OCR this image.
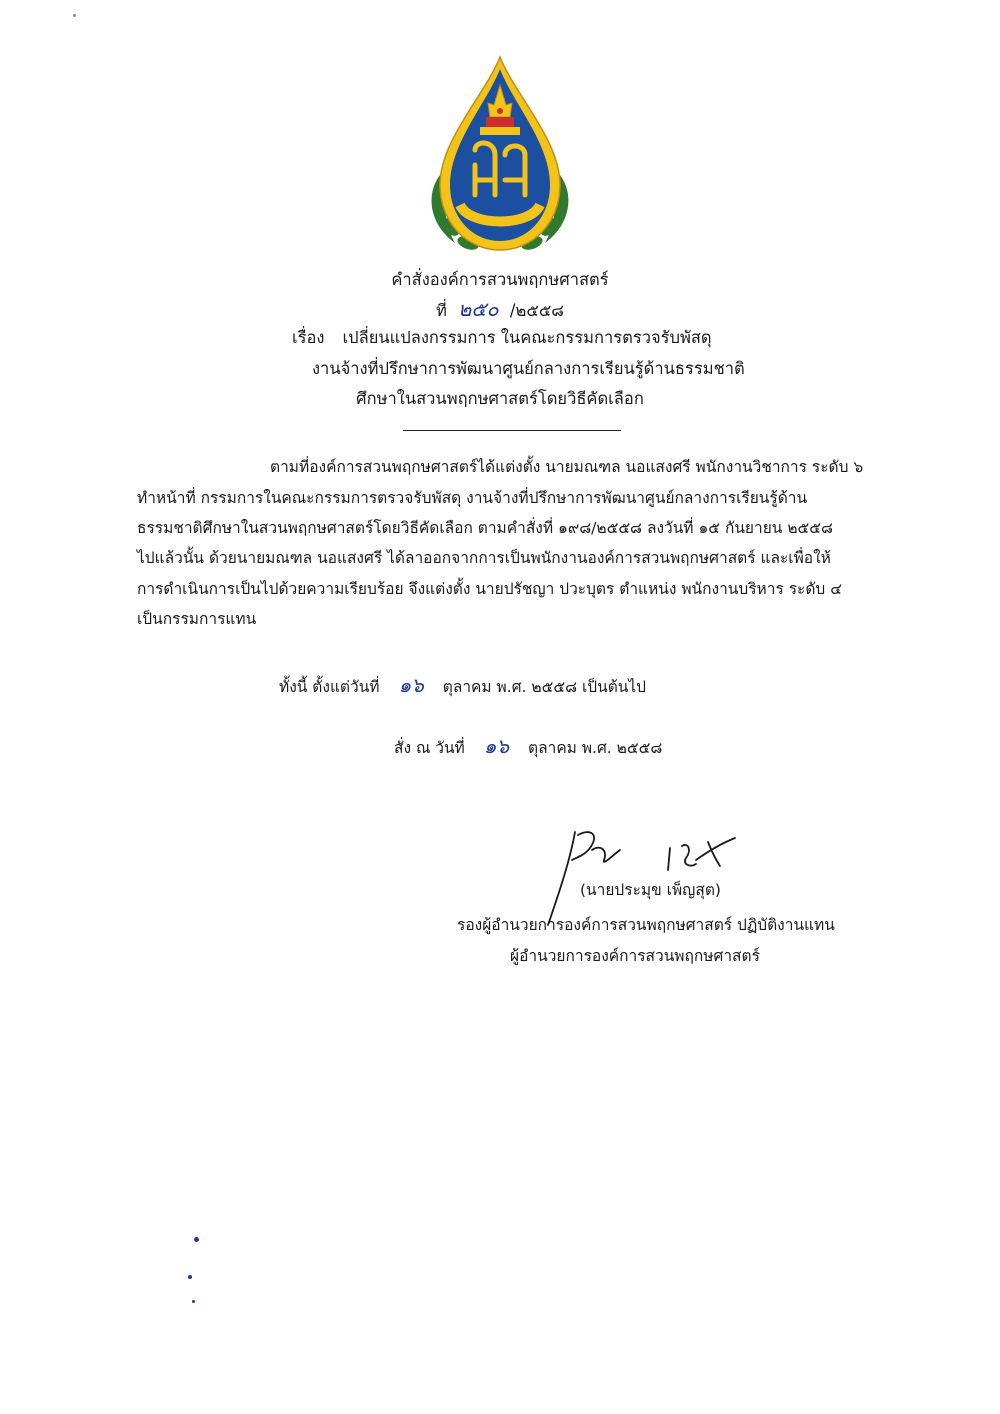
คำสั่งองค์การสวนพฤกษศาสตร์
ที่ ๒๕๐ /๒๕๕๘
เรื่อง เปลี่ยนแปลงกรรมการ ในคณะกรรมการตรวจรับพัสดุ
งานจ้างที่ปรึกษาการพัฒนาศูนย์กลางการเรียนรู้ด้านธรรมชาติ
ศึกษาในสวนพฤกษศาสตร์โดยวิธีคัดเลือก
ตามที่องค์การสวนพฤกษศาสตร์ได้แต่งตั้ง นายมณฑล นอแสงศรี พนักงานวิชาการ ระดับ ๖
ทำหน้าที่ กรรมการในคณะกรรมการตรวจรับพัสดุ งานจ้างที่ปรึกษาการพัฒนาศูนย์กลางการเรียนรู้ด้าน
ธรรมชาติศึกษาในสวนพฤกษศาสตร์โดยวิธีคัดเลือก ตามคำสั่งที่ ๑๙๘/๒๕๕๘ ลงวันที่ ๑๕ กันยายน ๒๕๕๘
ไปแล้วนั้น ด้วยนายมณฑล นอแสงศรี ได้ลาออกจากการเป็นพนักงานองค์การสวนพฤกษศาสตร์ และเพื่อให้
การดำเนินการเป็นไปด้วยความเรียบร้อย จึงแต่งตั้ง นายปรัชญา ปวะบุตร ตำแหน่ง พนักงานบริหาร ระดับ ๔
เป็นกรรมการแทน
ทั้งนี้ ตั้งแต่วันที่ ๑๖ ตุลาคม พ.ศ. ๒๕๕๘ เป็นต้นไป
สั่ง ณ วันที่ ๑๖ ตุลาคม พ.ศ. ๒๕๕๘
(นายประมุข เพ็ญสุต)
รองผู้อำนวยการองค์การสวนพฤกษศาสตร์ ปฏิบัติงานแทน
ผู้อำนวยการองค์การสวนพฤกษศาสตร์
